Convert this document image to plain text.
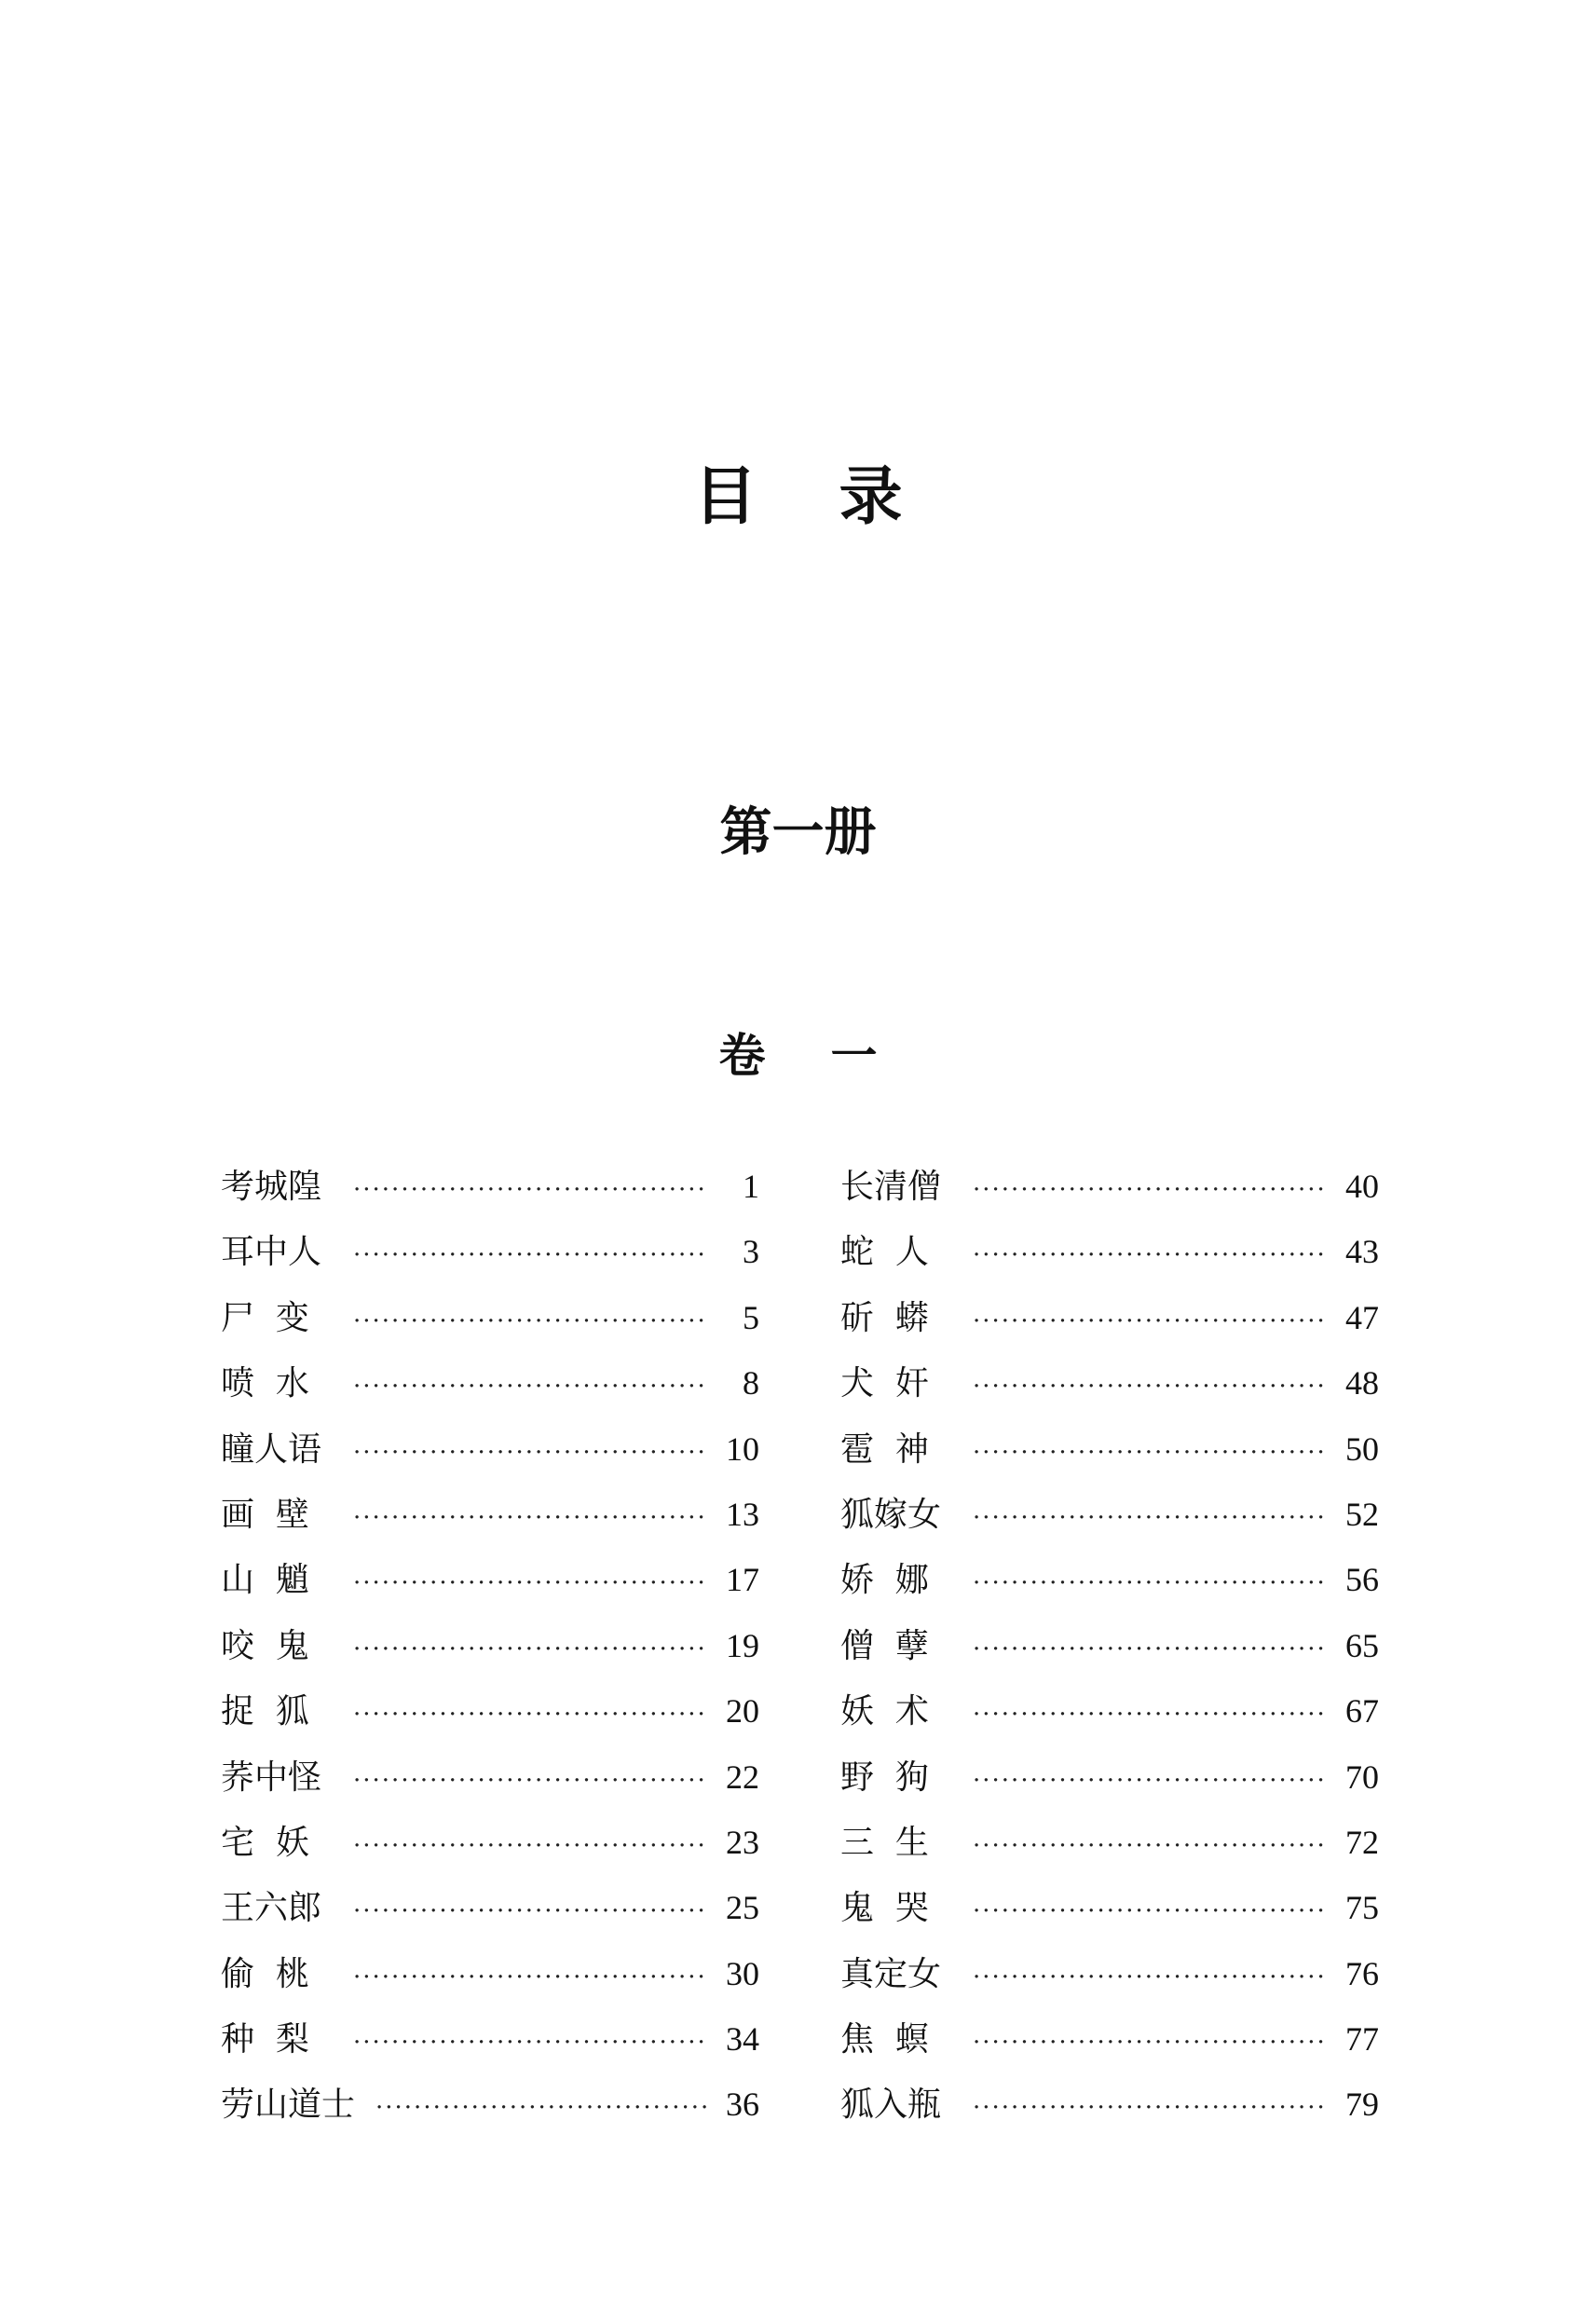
目录
第一册
卷一
考城隍 ·····	1
耳中人 ·····	3
尸  变 ·····	5
喷  水 ·····	8
瞳人语 ·····	10
画  壁 ·····	13
山  魈 ·····	17
咬  鬼 ·····	19
捉  狐 ·····	20
荞中怪 ·····	22
宅  妖 ·····	23
王六郎 ·····	25
偷  桃 ·····	30
种  梨 ·····	34
劳山道士 ·····	36
长清僧 ·····	40
蛇  人 ·····	43
斫  蟒 ·····	47
犬  奸 ·····	48
雹  神 ·····	50
狐嫁女 ·····	52
娇  娜 ·····	56
僧  孽 ·····	65
妖  术 ·····	67
野  狗 ·····	70
三  生 ·····	72
鬼  哭 ·····	75
真定女 ·····	76
焦  螟 ·····	77
狐入瓶 ·····	79
